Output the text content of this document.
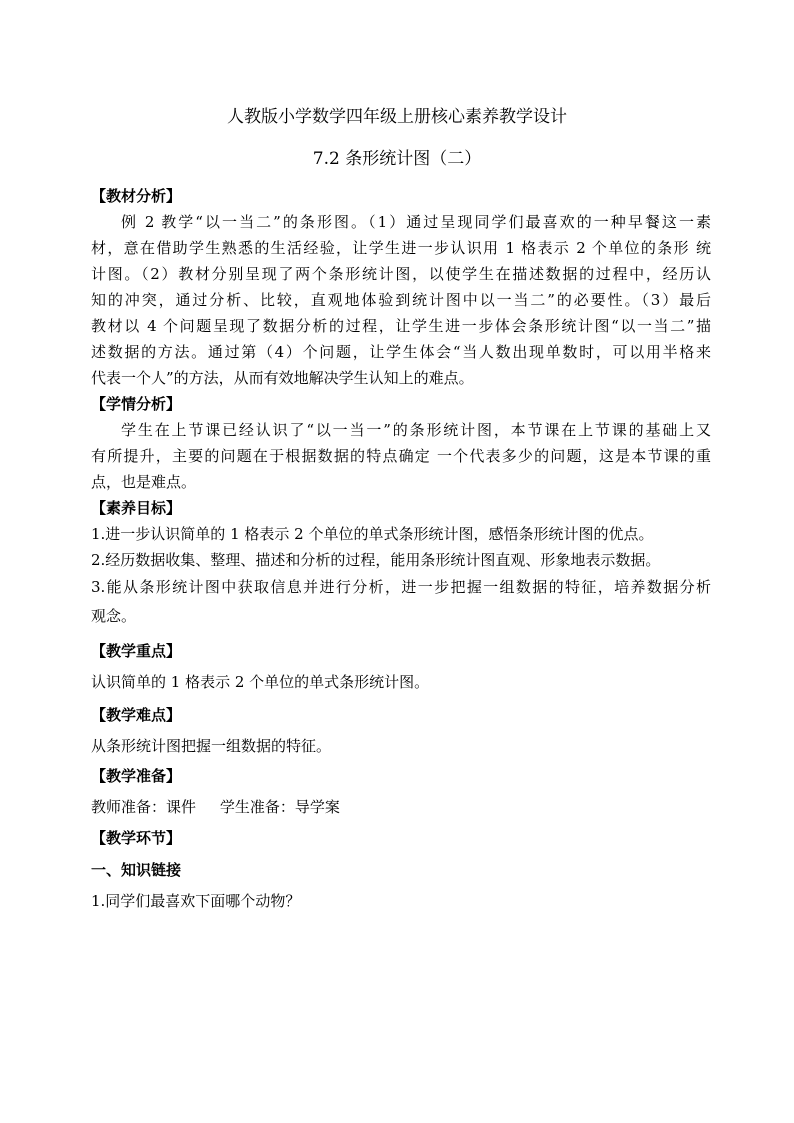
人教版小学数学四年级上册核心素养教学设计
7.2 条形统计图（二）
【教材分析】
例 2 教学“以一当二”的条形图。（1）通过呈现同学们最喜欢的一种早餐这一素
材，意在借助学生熟悉的生活经验，让学生进一步认识用 1 格表示 2 个单位的条形 统
计图。（2）教材分别呈现了两个条形统计图，以使学生在描述数据的过程中，经历认
知的冲突，通过分析、比较，直观地体验到统计图中以一当二”的必要性。（3）最后
教材以 4 个问题呈现了数据分析的过程，让学生进一步体会条形统计图“以一当二”描
述数据的方法。通过第（4）个问题，让学生体会“当人数出现单数时，可以用半格来
代表一个人”的方法，从而有效地解决学生认知上的难点。
【学情分析】
学生在上节课已经认识了“以一当一”的条形统计图，本节课在上节课的基础上又
有所提升，主要的问题在于根据数据的特点确定 一个代表多少的问题，这是本节课的重
点，也是难点。
【素养目标】
1.进一步认识简单的 1 格表示 2 个单位的单式条形统计图，感悟条形统计图的优点。
2.经历数据收集、整理、描述和分析的过程，能用条形统计图直观、形象地表示数据。
3.能从条形统计图中获取信息并进行分析，进一步把握一组数据的特征，培养数据分析
观念。
【教学重点】
认识简单的 1 格表示 2 个单位的单式条形统计图。
【教学难点】
从条形统计图把握一组数据的特征。
【教学准备】
教师准备：课件     学生准备：导学案
【教学环节】
一、知识链接
1.同学们最喜欢下面哪个动物？
